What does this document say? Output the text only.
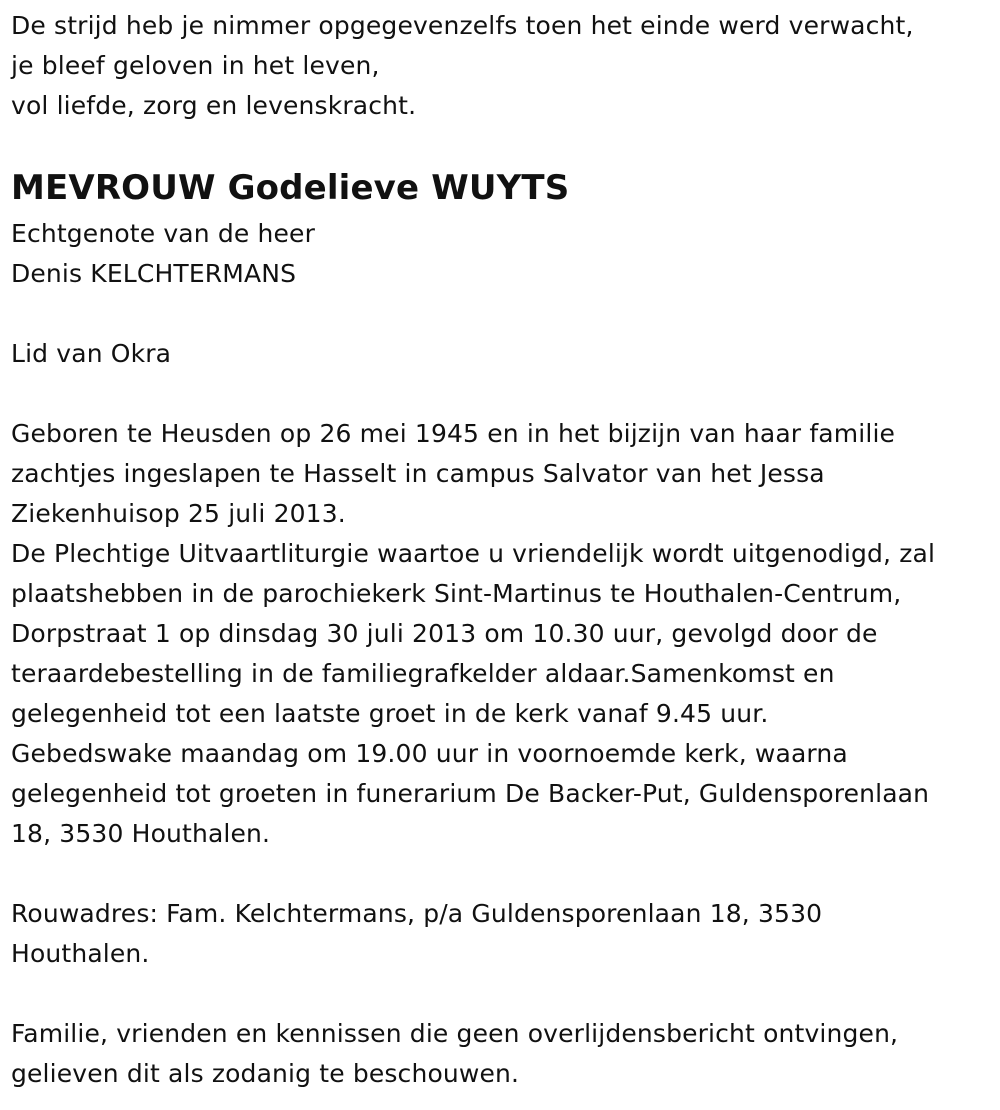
De strijd heb je nimmer opgegevenzelfs toen het einde werd verwacht,
je bleef geloven in het leven,
vol liefde, zorg en levenskracht.
MEVROUW Godelieve WUYTS
Echtgenote van de heer
Denis KELCHTERMANS
Lid van Okra
Geboren te Heusden op 26 mei 1945 en in het bijzijn van haar familie
zachtjes ingeslapen te Hasselt in campus Salvator van het Jessa
Ziekenhuisop 25 juli 2013.
De Plechtige Uitvaartliturgie waartoe u vriendelijk wordt uitgenodigd, zal
plaatshebben in de parochiekerk Sint-Martinus te Houthalen-Centrum,
Dorpstraat 1 op dinsdag 30 juli 2013 om 10.30 uur, gevolgd door de
teraardebestelling in de familiegrafkelder aldaar.Samenkomst en
gelegenheid tot een laatste groet in de kerk vanaf 9.45 uur.
Gebedswake maandag om 19.00 uur in voornoemde kerk, waarna
gelegenheid tot groeten in funerarium De Backer-Put, Guldensporenlaan
18, 3530 Houthalen.
Rouwadres: Fam. Kelchtermans, p/a Guldensporenlaan 18, 3530
Houthalen.
Familie, vrienden en kennissen die geen overlijdensbericht ontvingen,
gelieven dit als zodanig te beschouwen.
